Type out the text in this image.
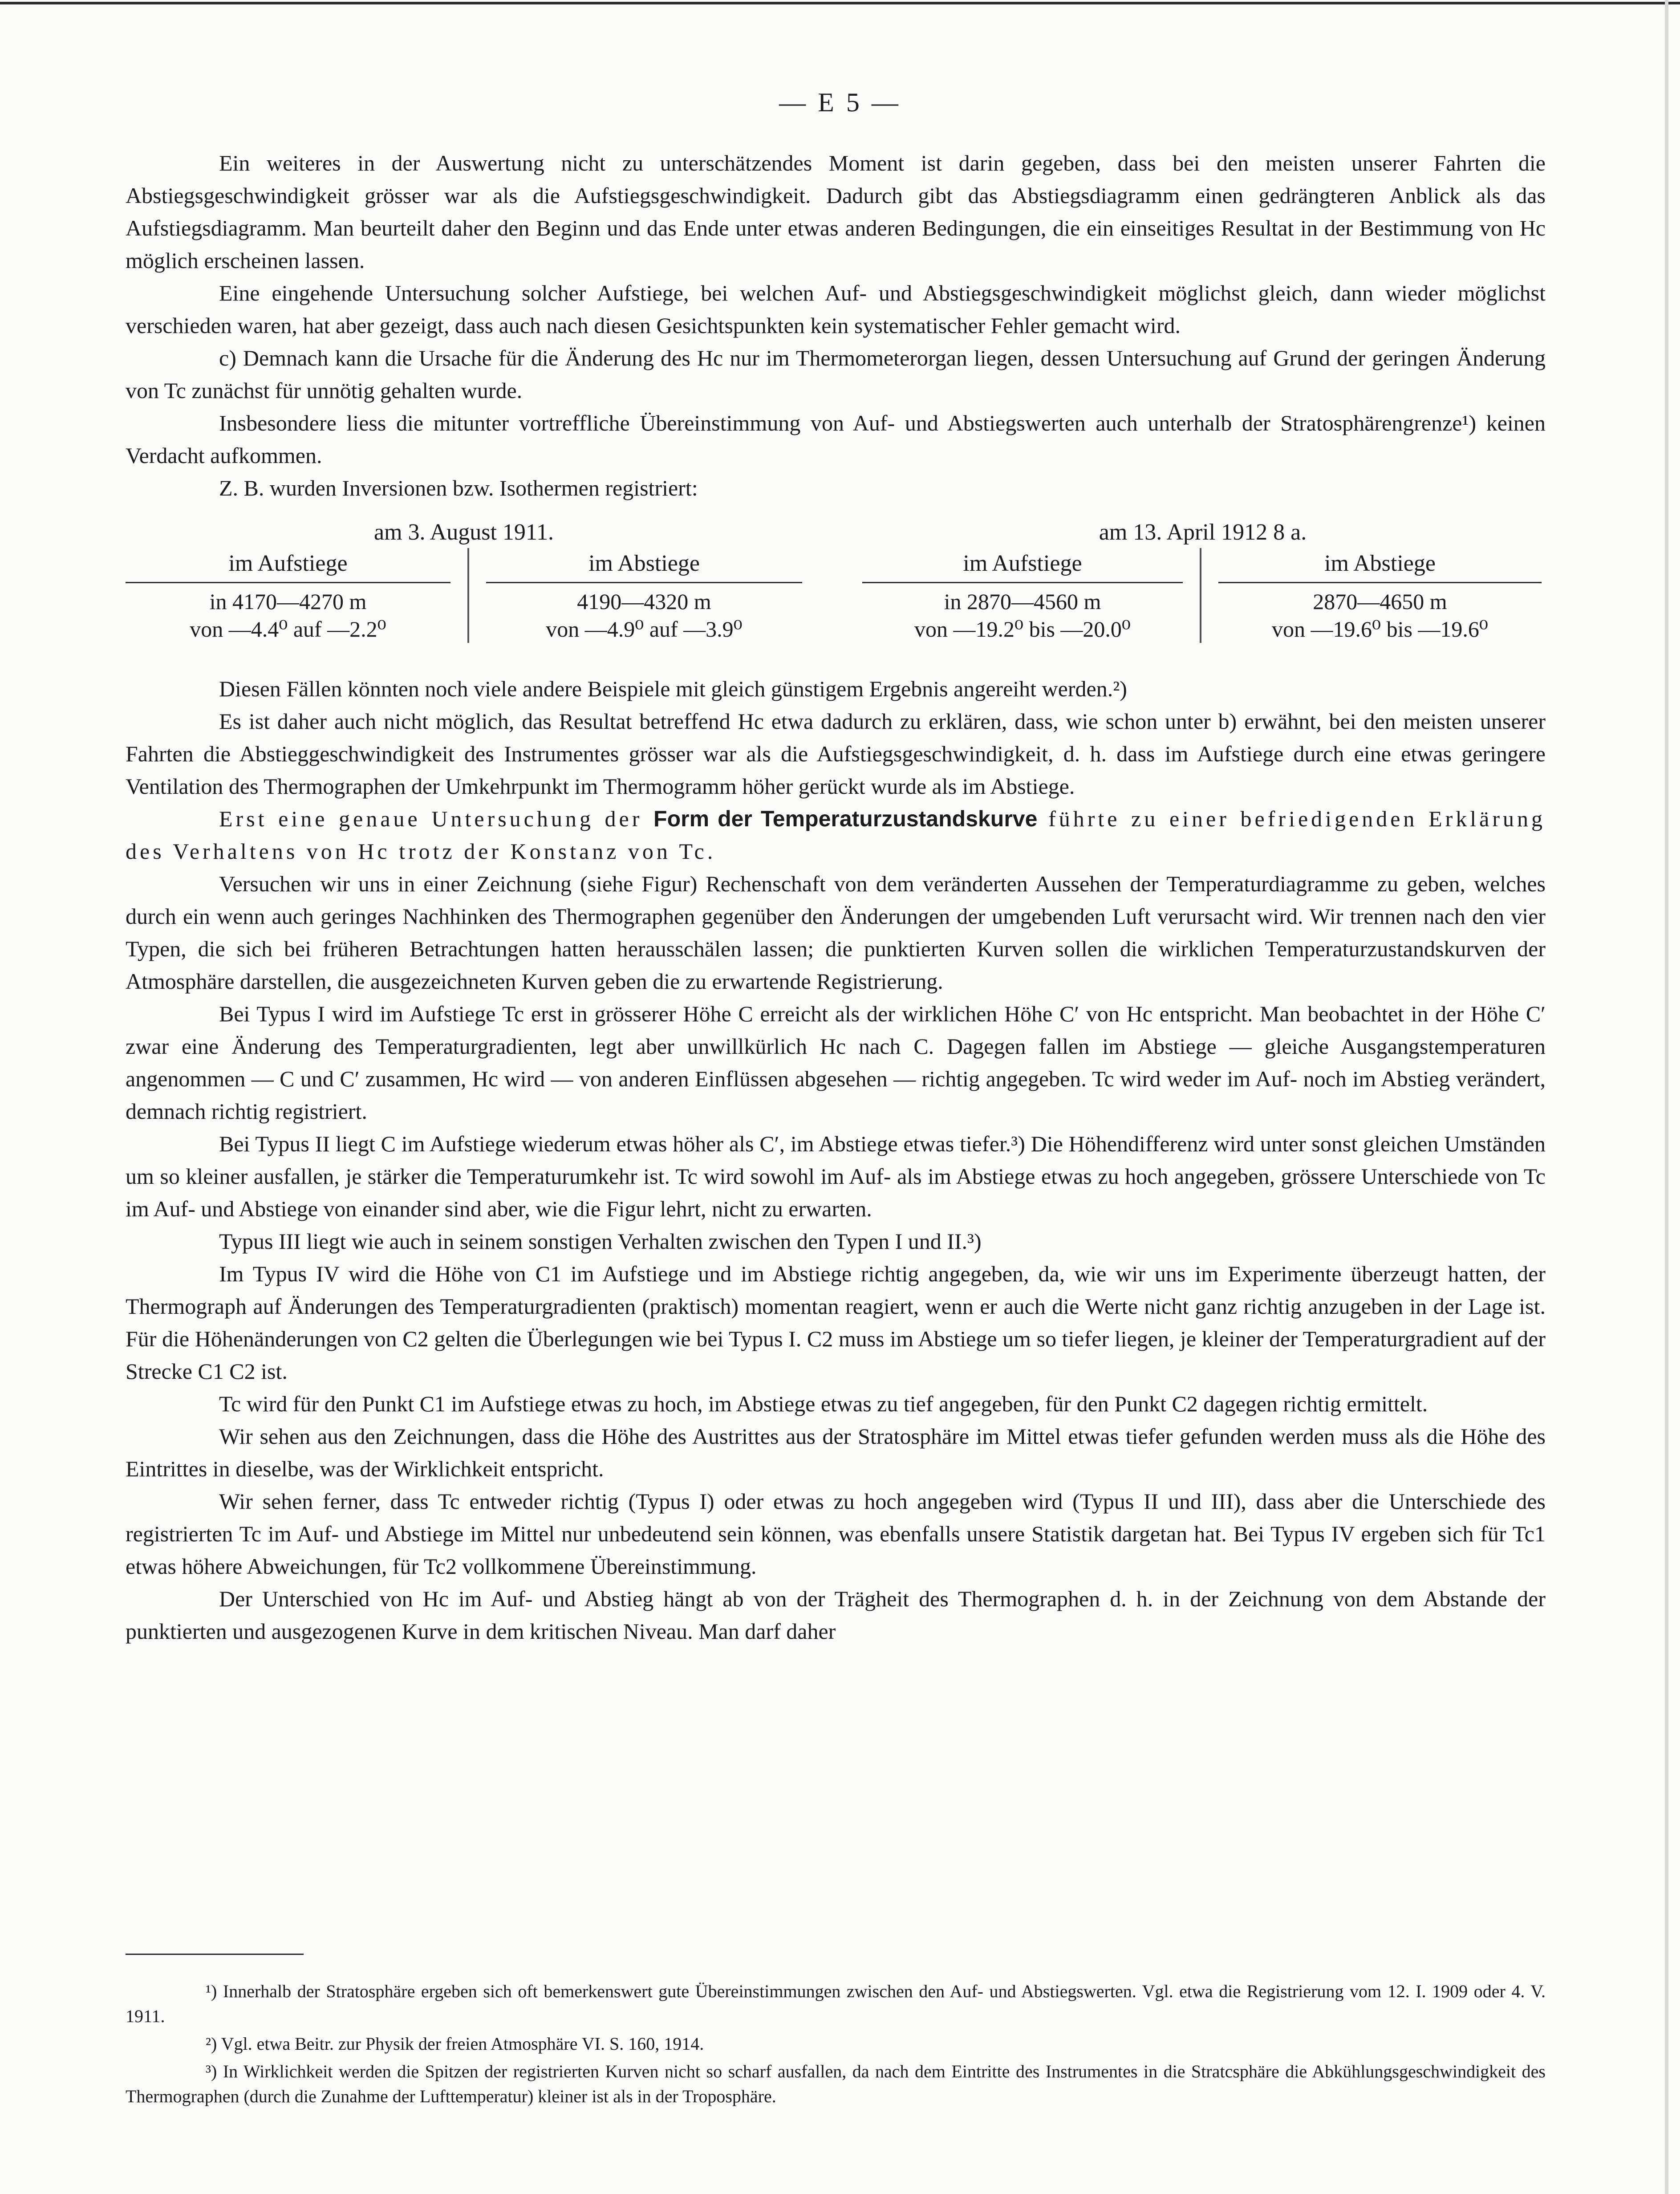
— E 5 —

Ein weiteres in der Auswertung nicht zu unterschätzendes Moment ist darin gegeben, dass bei den meisten unserer Fahrten die Abstiegsgeschwindigkeit grösser war als die Aufstiegsgeschwindigkeit. Dadurch gibt das Abstiegsdiagramm einen gedrängteren Anblick als das Aufstiegsdiagramm. Man beurteilt daher den Beginn und das Ende unter etwas anderen Bedingungen, die ein einseitiges Resultat in der Bestimmung von Hc möglich erscheinen lassen.

Eine eingehende Untersuchung solcher Aufstiege, bei welchen Auf- und Abstiegsgeschwindigkeit möglichst gleich, dann wieder möglichst verschieden waren, hat aber gezeigt, dass auch nach diesen Gesichtspunkten kein systematischer Fehler gemacht wird.

c) Demnach kann die Ursache für die Änderung des Hc nur im Thermometerorgan liegen, dessen Untersuchung auf Grund der geringen Änderung von Tc zunächst für unnötig gehalten wurde.

Insbesondere liess die mitunter vortreffliche Übereinstimmung von Auf- und Abstiegswerten auch unterhalb der Stratosphärengrenze¹) keinen Verdacht aufkommen.

Z. B. wurden Inversionen bzw. Isothermen registriert:

am 3. August 1911.
im Aufstiege
in 4170—4270 m
von —4.4⁰ auf —2.2⁰
im Abstiege
4190—4320 m
von —4.9⁰ auf —3.9⁰
am 13. April 1912 8 a.
im Aufstiege
in 2870—4560 m
von —19.2⁰ bis —20.0⁰
im Abstiege
2870—4650 m
von —19.6⁰ bis —19.6⁰

Diesen Fällen könnten noch viele andere Beispiele mit gleich günstigem Ergebnis angereiht werden.²)

Es ist daher auch nicht möglich, das Resultat betreffend Hc etwa dadurch zu erklären, dass, wie schon unter b) erwähnt, bei den meisten unserer Fahrten die Abstieggeschwindigkeit des Instrumentes grösser war als die Aufstiegsgeschwindigkeit, d. h. dass im Aufstiege durch eine etwas geringere Ventilation des Thermographen der Umkehrpunkt im Thermogramm höher gerückt wurde als im Abstiege.

Erst eine genaue Untersuchung der Form der Temperaturzustandskurve führte zu einer befriedigenden Erklärung des Verhaltens von Hc trotz der Konstanz von Tc.

Versuchen wir uns in einer Zeichnung (siehe Figur) Rechenschaft von dem veränderten Aussehen der Temperaturdiagramme zu geben, welches durch ein wenn auch geringes Nachhinken des Thermographen gegenüber den Änderungen der umgebenden Luft verursacht wird. Wir trennen nach den vier Typen, die sich bei früheren Betrachtungen hatten herausschälen lassen; die punktierten Kurven sollen die wirklichen Temperaturzustandskurven der Atmosphäre darstellen, die ausgezeichneten Kurven geben die zu erwartende Registrierung.

Bei Typus I wird im Aufstiege Tc erst in grösserer Höhe C erreicht als der wirklichen Höhe C′ von Hc entspricht. Man beobachtet in der Höhe C′ zwar eine Änderung des Temperaturgradienten, legt aber unwillkürlich Hc nach C. Dagegen fallen im Abstiege — gleiche Ausgangstemperaturen angenommen — C und C′ zusammen, Hc wird — von anderen Einflüssen abgesehen — richtig angegeben. Tc wird weder im Auf- noch im Abstieg verändert, demnach richtig registriert.

Bei Typus II liegt C im Aufstiege wiederum etwas höher als C′, im Abstiege etwas tiefer.³) Die Höhendifferenz wird unter sonst gleichen Umständen um so kleiner ausfallen, je stärker die Temperaturumkehr ist. Tc wird sowohl im Auf- als im Abstiege etwas zu hoch angegeben, grössere Unterschiede von Tc im Auf- und Abstiege von einander sind aber, wie die Figur lehrt, nicht zu erwarten.

Typus III liegt wie auch in seinem sonstigen Verhalten zwischen den Typen I und II.³)

Im Typus IV wird die Höhe von C1 im Aufstiege und im Abstiege richtig angegeben, da, wie wir uns im Experimente überzeugt hatten, der Thermograph auf Änderungen des Temperaturgradienten (praktisch) momentan reagiert, wenn er auch die Werte nicht ganz richtig anzugeben in der Lage ist. Für die Höhenänderungen von C2 gelten die Überlegungen wie bei Typus I. C2 muss im Abstiege um so tiefer liegen, je kleiner der Temperaturgradient auf der Strecke C1 C2 ist.

Tc wird für den Punkt C1 im Aufstiege etwas zu hoch, im Abstiege etwas zu tief angegeben, für den Punkt C2 dagegen richtig ermittelt.

Wir sehen aus den Zeichnungen, dass die Höhe des Austrittes aus der Stratosphäre im Mittel etwas tiefer gefunden werden muss als die Höhe des Eintrittes in dieselbe, was der Wirklichkeit entspricht.

Wir sehen ferner, dass Tc entweder richtig (Typus I) oder etwas zu hoch angegeben wird (Typus II und III), dass aber die Unterschiede des registrierten Tc im Auf- und Abstiege im Mittel nur unbedeutend sein können, was ebenfalls unsere Statistik dargetan hat. Bei Typus IV ergeben sich für Tc1 etwas höhere Abweichungen, für Tc2 vollkommene Übereinstimmung.

Der Unterschied von Hc im Auf- und Abstieg hängt ab von der Trägheit des Thermographen d. h. in der Zeichnung von dem Abstande der punktierten und ausgezogenen Kurve in dem kritischen Niveau. Man darf daher

¹) Innerhalb der Stratosphäre ergeben sich oft bemerkenswert gute Übereinstimmungen zwischen den Auf- und Abstiegswerten. Vgl. etwa die Registrierung vom 12. I. 1909 oder 4. V. 1911.

²) Vgl. etwa Beitr. zur Physik der freien Atmosphäre VI. S. 160, 1914.

³) In Wirklichkeit werden die Spitzen der registrierten Kurven nicht so scharf ausfallen, da nach dem Eintritte des Instrumentes in die Stratcsphäre die Abkühlungsgeschwindigkeit des Thermographen (durch die Zunahme der Lufttemperatur) kleiner ist als in der Troposphäre.
